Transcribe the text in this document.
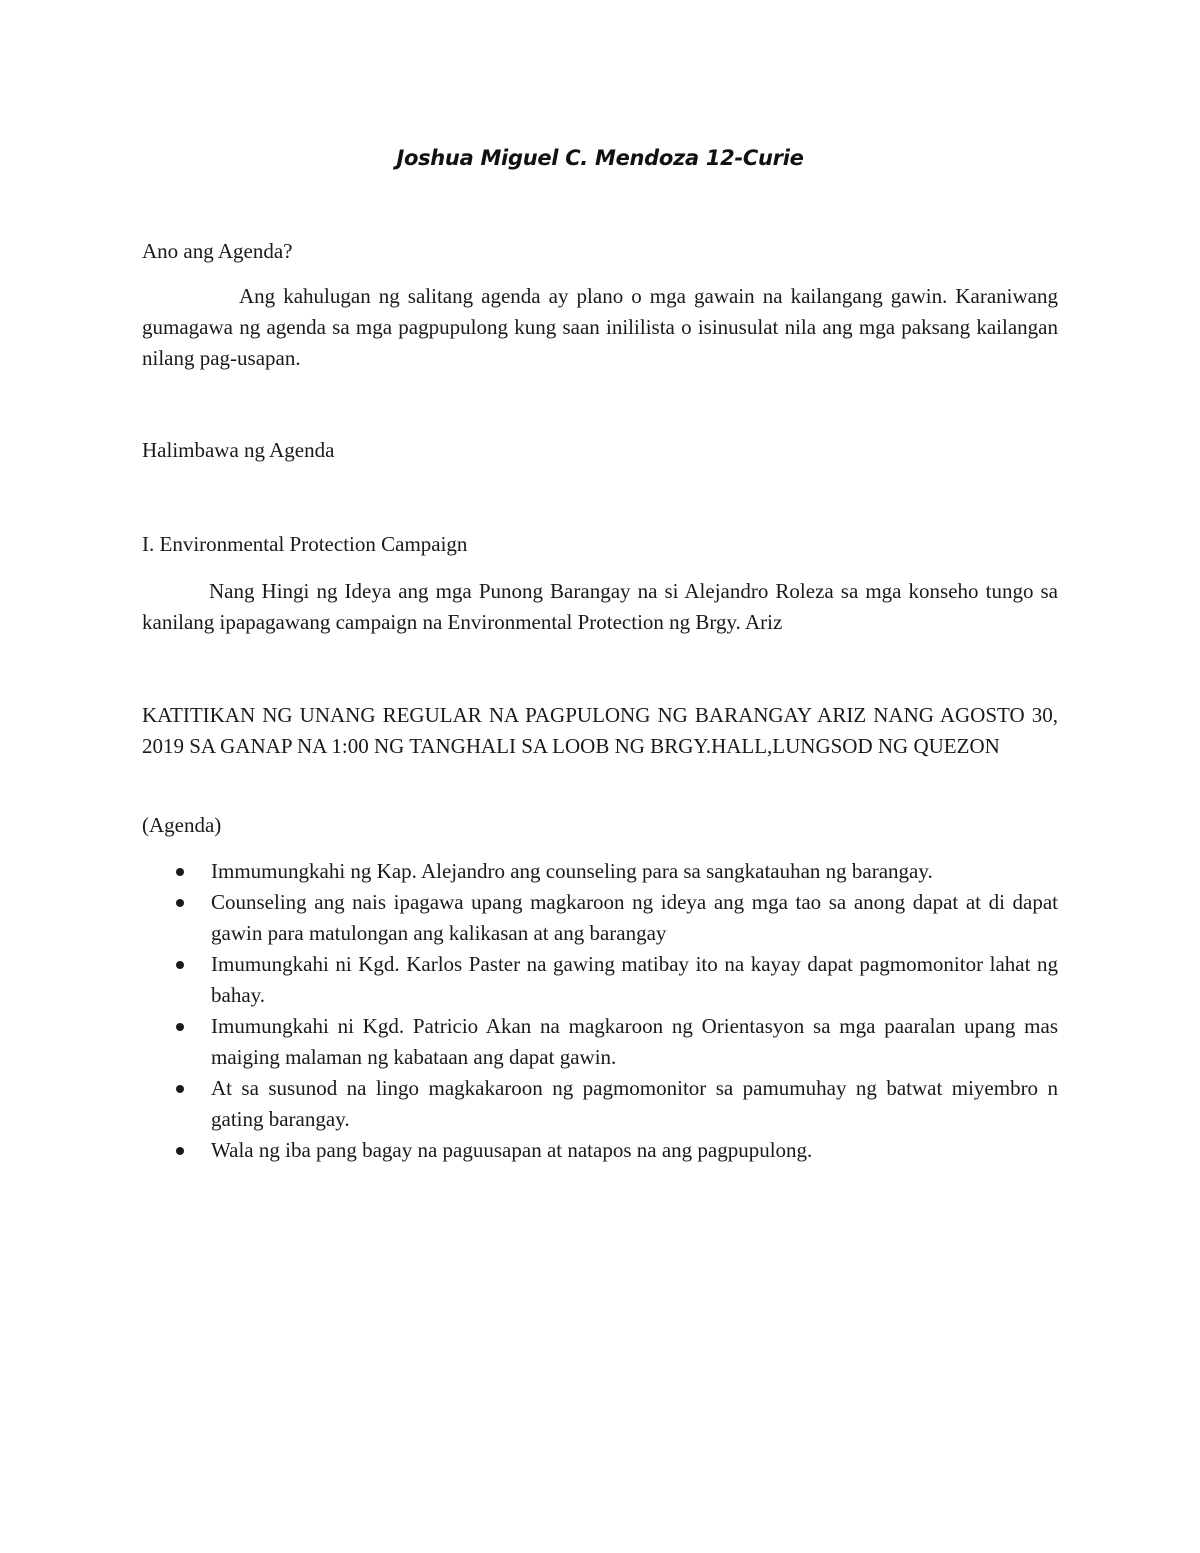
Joshua Miguel C. Mendoza 12-Curie

Ano ang Agenda?

Ang kahulugan ng salitang agenda ay plano o mga gawain na kailangang gawin. Karaniwang gumagawa ng agenda sa mga pagpupulong kung saan inililista o isinusulat nila ang mga paksang kailangan nilang pag-usapan.

Halimbawa ng Agenda

I. Environmental Protection Campaign

Nang Hingi ng Ideya ang mga Punong Barangay na si Alejandro Roleza sa mga konseho tungo sa kanilang ipapagawang campaign na Environmental Protection ng Brgy. Ariz

KATITIKAN NG UNANG REGULAR NA PAGPULONG NG BARANGAY ARIZ NANG AGOSTO 30, 2019 SA GANAP NA 1:00 NG TANGHALI SA LOOB NG BRGY.HALL,LUNGSOD NG QUEZON

(Agenda)

Immumungkahi ng Kap. Alejandro ang counseling para sa sangkatauhan ng barangay.
Counseling ang nais ipagawa upang magkaroon ng ideya ang mga tao sa anong dapat at di dapat gawin para matulongan ang kalikasan at ang barangay
Imumungkahi ni Kgd. Karlos Paster na gawing matibay ito na kayay dapat pagmomonitor lahat ng bahay.
Imumungkahi ni Kgd. Patricio Akan na magkaroon ng Orientasyon sa mga paaralan upang mas maiging malaman ng kabataan ang dapat gawin.
At sa susunod na lingo magkakaroon ng pagmomonitor sa pamumuhay ng batwat miyembro n gating barangay.
Wala ng iba pang bagay na paguusapan at natapos na ang pagpupulong.
